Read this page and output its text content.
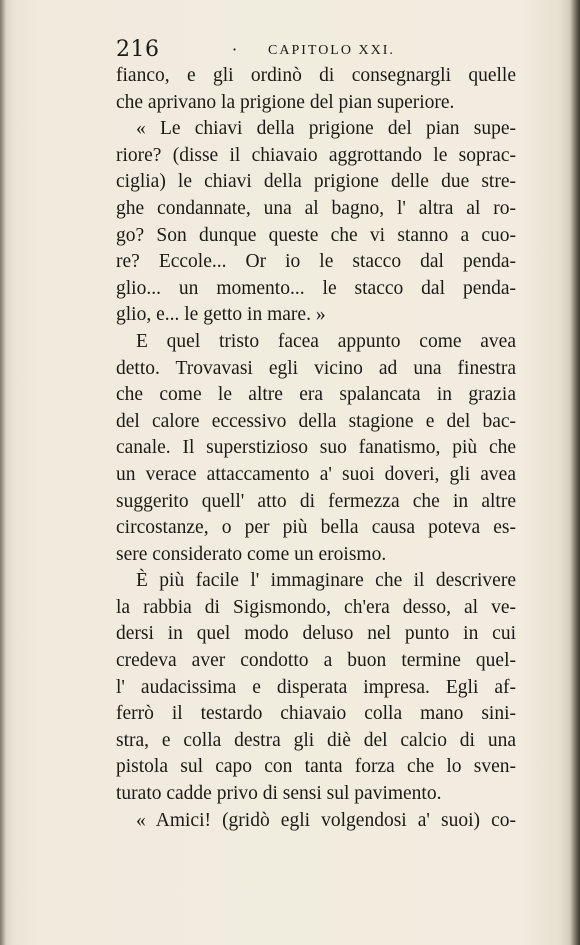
216	· CAPITOLO XXI.
fianco, e gli ordinò di consegnargli quelle
che aprivano la prigione del pian superiore.
« Le chiavi della prigione del pian supe-
riore? (disse il chiavaio aggrottando le soprac-
ciglia) le chiavi della prigione delle due stre-
ghe condannate, una al bagno, l' altra al ro-
go? Son dunque queste che vi stanno a cuo-
re? Eccole... Or io le stacco dal penda-
glio... un momento... le stacco dal penda-
glio, e... le getto in mare. »
E quel tristo facea appunto come avea
detto. Trovavasi egli vicino ad una finestra
che come le altre era spalancata in grazia
del calore eccessivo della stagione e del bac-
canale. Il superstizioso suo fanatismo, più che
un verace attaccamento a' suoi doveri, gli avea
suggerito quell' atto di fermezza che in altre
circostanze, o per più bella causa poteva es-
sere considerato come un eroismo.
È più facile l' immaginare che il descrivere
la rabbia di Sigismondo, ch'era desso, al ve-
dersi in quel modo deluso nel punto in cui
credeva aver condotto a buon termine quel-
l' audacissima e disperata impresa. Egli af-
ferrò il testardo chiavaio colla mano sini-
stra, e colla destra gli diè del calcio di una
pistola sul capo con tanta forza che lo sven-
turato cadde privo di sensi sul pavimento.
« Amici! (gridò egli volgendosi a' suoi) co-
